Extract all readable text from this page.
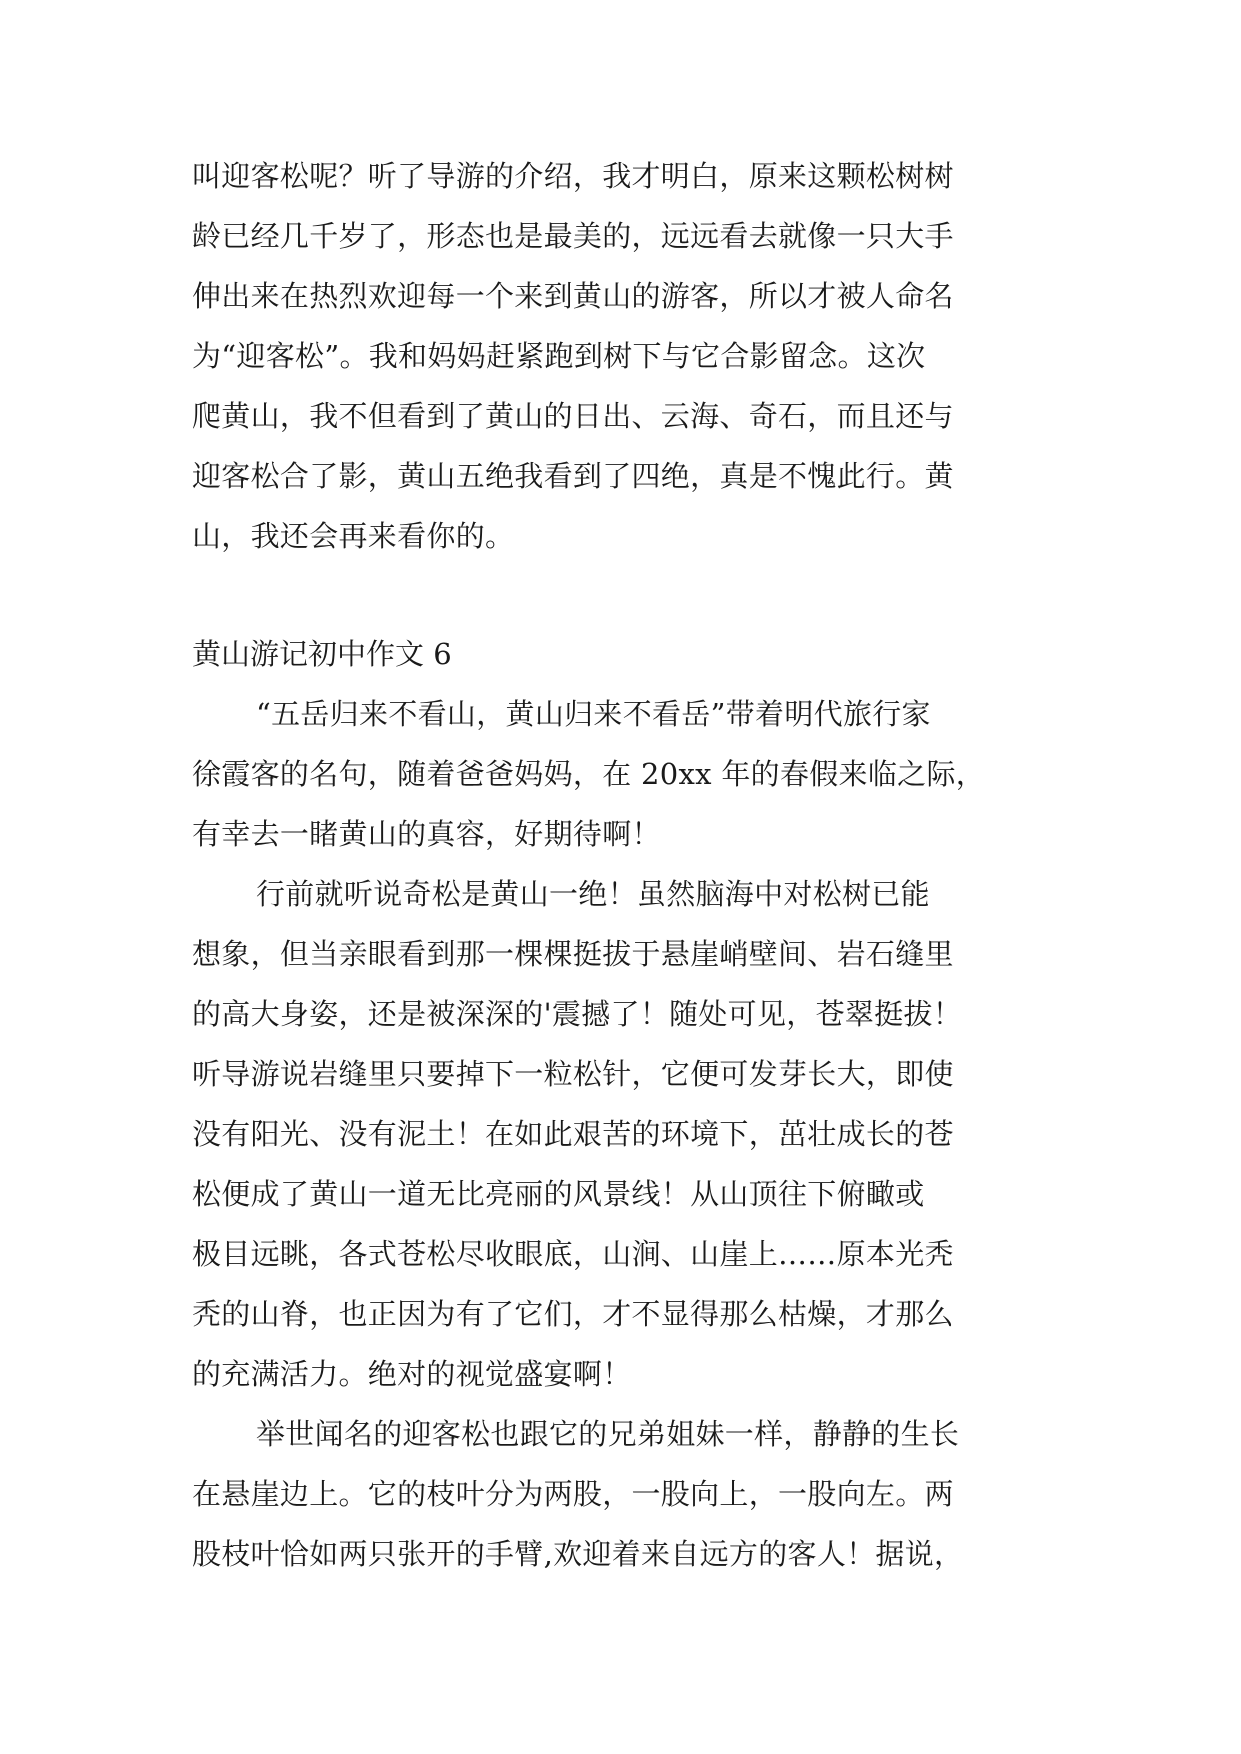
叫迎客松呢？听了导游的介绍，我才明白，原来这颗松树树
龄已经几千岁了，形态也是最美的，远远看去就像一只大手
伸出来在热烈欢迎每一个来到黄山的游客，所以才被人命名
为“迎客松”。我和妈妈赶紧跑到树下与它合影留念。这次
爬黄山，我不但看到了黄山的日出、云海、奇石，而且还与
迎客松合了影，黄山五绝我看到了四绝，真是不愧此行。黄
山，我还会再来看你的。
黄山游记初中作文 6
“五岳归来不看山，黄山归来不看岳”带着明代旅行家
徐霞客的名句，随着爸爸妈妈，在 20xx 年的春假来临之际，
有幸去一睹黄山的真容，好期待啊！
行前就听说奇松是黄山一绝！虽然脑海中对松树已能
想象，但当亲眼看到那一棵棵挺拔于悬崖峭壁间、岩石缝里
的高大身姿，还是被深深的'震撼了！随处可见，苍翠挺拔！
听导游说岩缝里只要掉下一粒松针，它便可发芽长大，即使
没有阳光、没有泥土！在如此艰苦的环境下，茁壮成长的苍
松便成了黄山一道无比亮丽的风景线！从山顶往下俯瞰或
极目远眺，各式苍松尽收眼底，山涧、山崖上……原本光秃
秃的山脊，也正因为有了它们，才不显得那么枯燥，才那么
的充满活力。绝对的视觉盛宴啊！
举世闻名的迎客松也跟它的兄弟姐妹一样，静静的生长
在悬崖边上。它的枝叶分为两股，一股向上，一股向左。两
股枝叶恰如两只张开的手臂,欢迎着来自远方的客人！据说，
